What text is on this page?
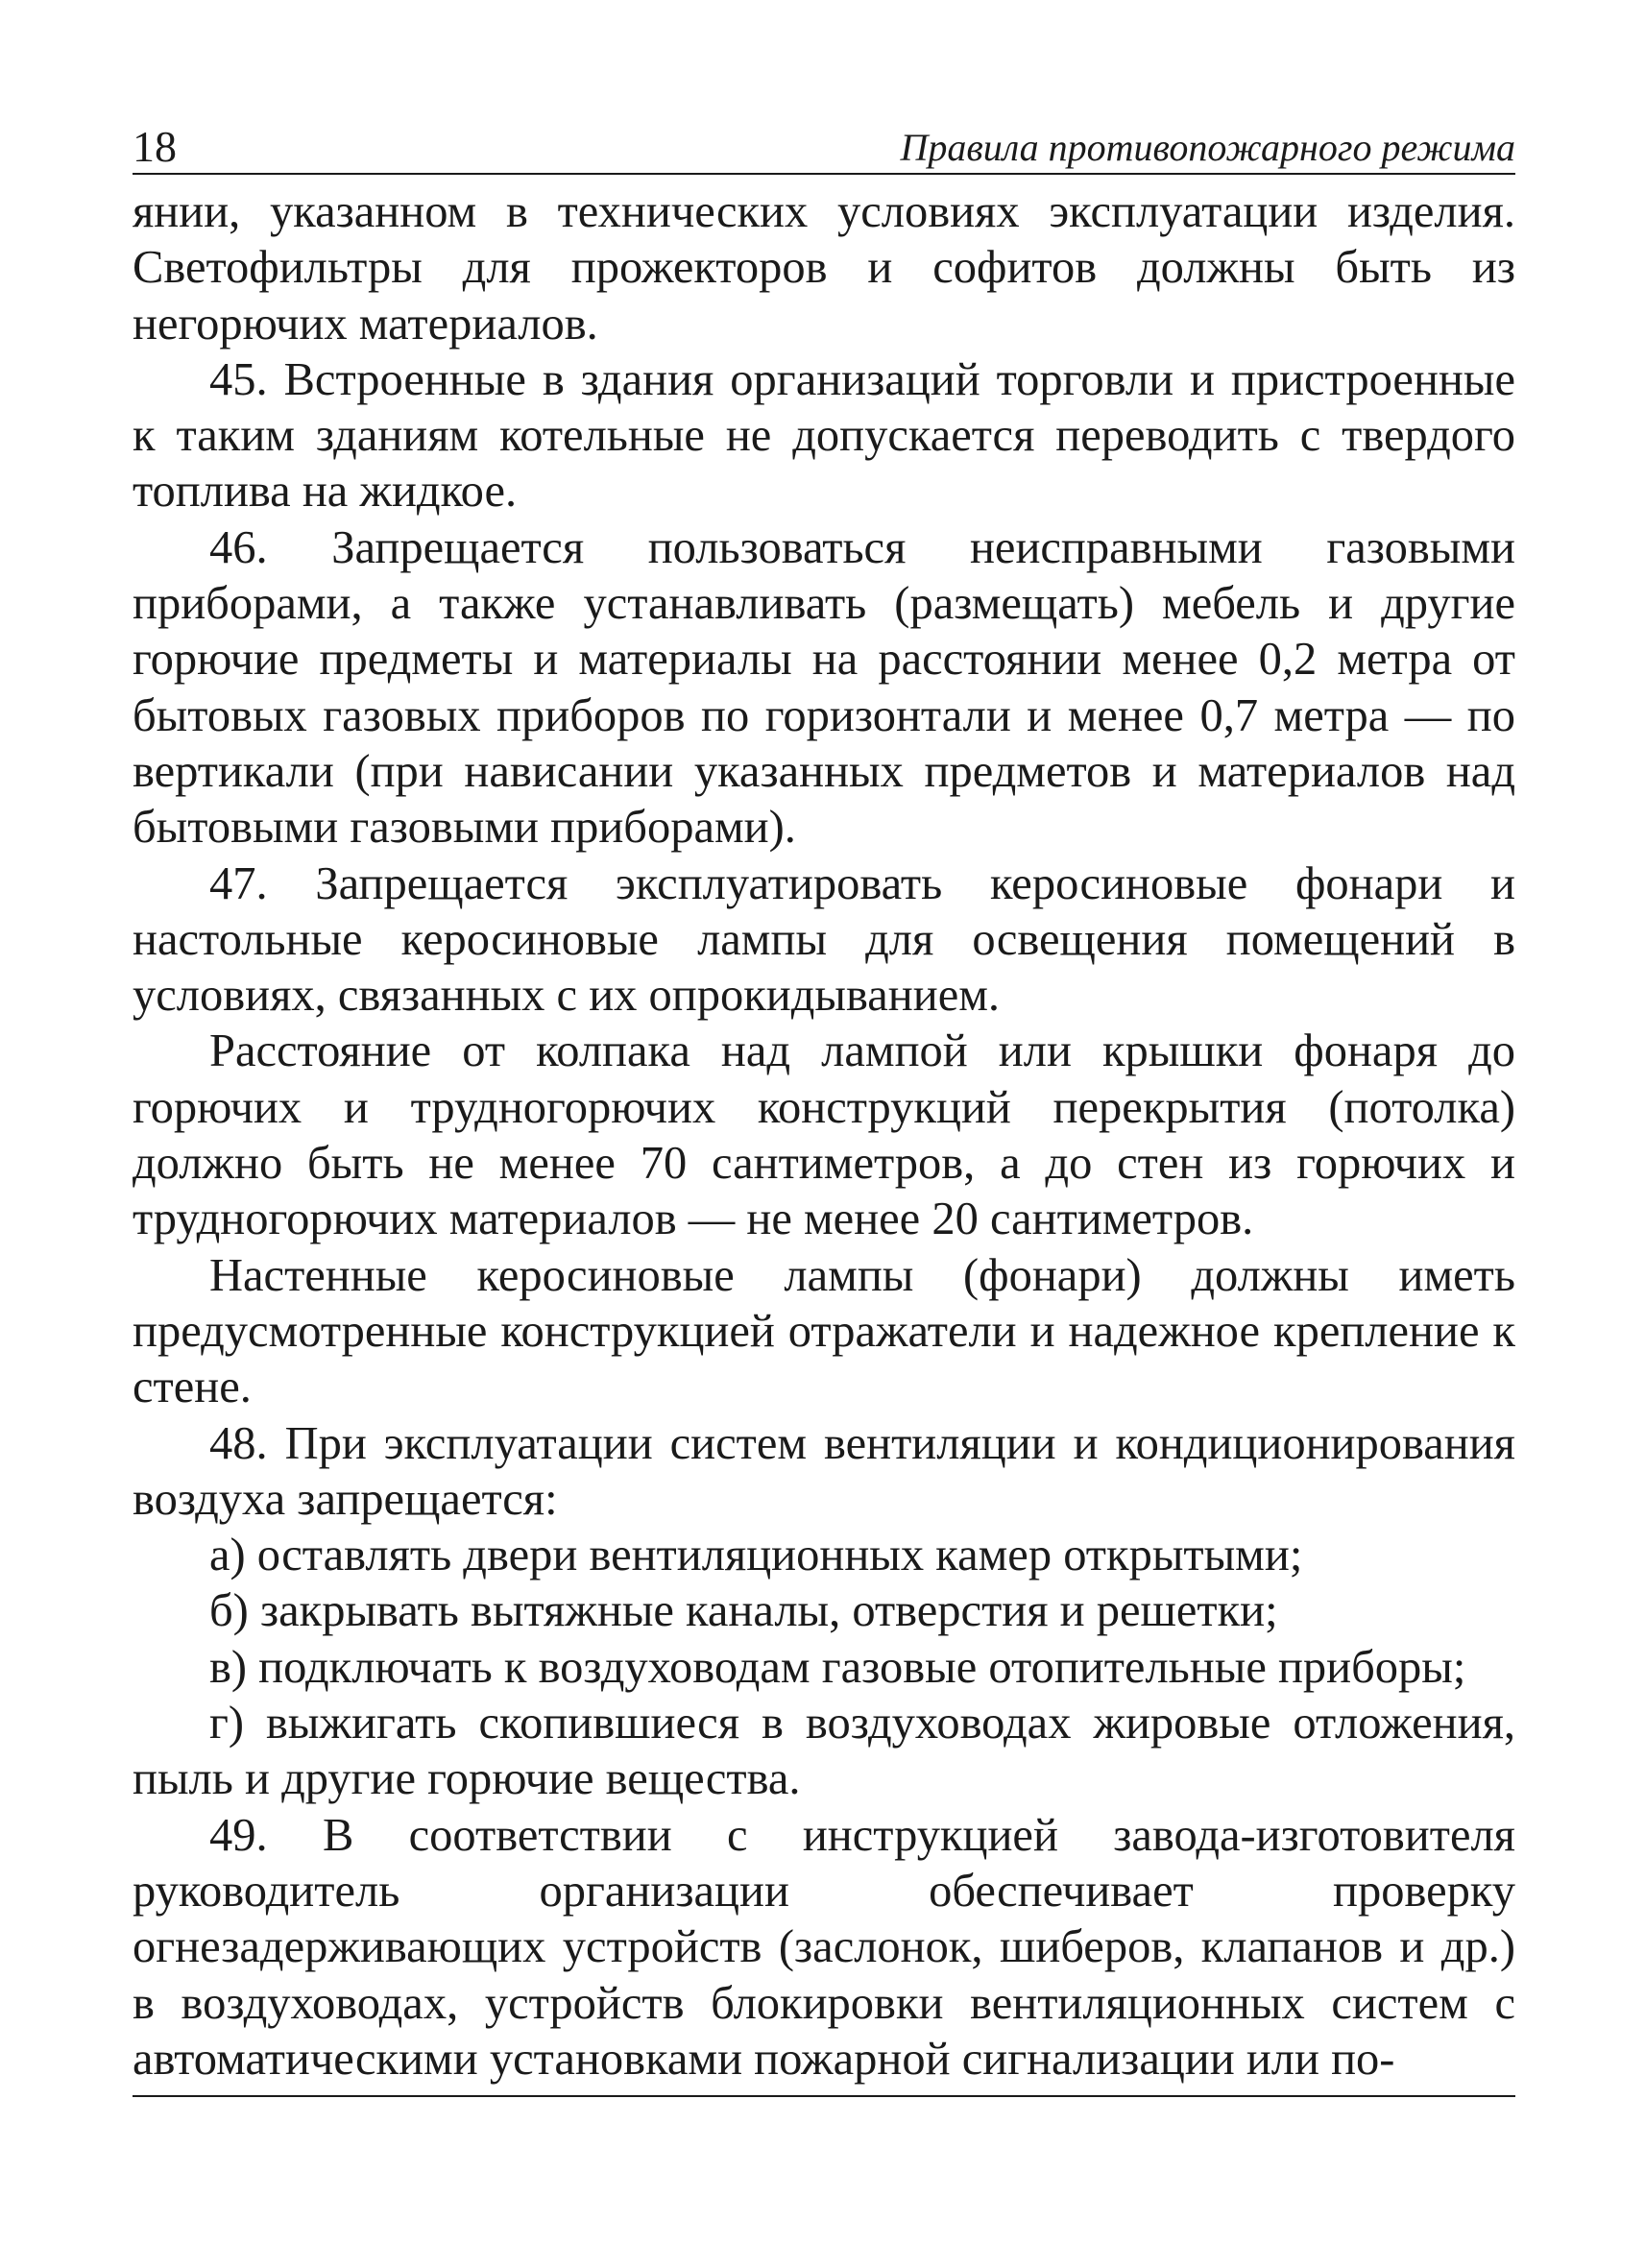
18	Правила противопожарного режима

янии, указанном в технических условиях эксплуатации изделия. Светофильтры для прожекторов и софитов должны быть из негорючих материалов.

45. Встроенные в здания организаций торговли и пристроенные к таким зданиям котельные не допускается переводить с твердого топлива на жидкое.

46. Запрещается пользоваться неисправными газовыми приборами, а также устанавливать (размещать) мебель и другие горючие предметы и материалы на расстоянии менее 0,2 метра от бытовых газовых приборов по горизонтали и менее 0,7 метра — по вертикали (при нависании указанных предметов и материалов над бытовыми газовыми приборами).

47. Запрещается эксплуатировать керосиновые фонари и настольные керосиновые лампы для освещения помещений в условиях, связанных с их опрокидыванием.

Расстояние от колпака над лампой или крышки фонаря до горючих и трудногорючих конструкций перекрытия (потолка) должно быть не менее 70 сантиметров, а до стен из горючих и трудногорючих материалов — не менее 20 сантиметров.

Настенные керосиновые лампы (фонари) должны иметь предусмотренные конструкцией отражатели и надежное крепление к стене.

48. При эксплуатации систем вентиляции и кондиционирования воздуха запрещается:

а) оставлять двери вентиляционных камер открытыми;

б) закрывать вытяжные каналы, отверстия и решетки;

в) подключать к воздуховодам газовые отопительные приборы;

г) выжигать скопившиеся в воздуховодах жировые отложения, пыль и другие горючие вещества.

49. В соответствии с инструкцией завода-изготовителя руководитель организации обеспечивает проверку огнезадерживающих устройств (заслонок, шиберов, клапанов и др.) в воздуховодах, устройств блокировки вентиляционных систем с автоматическими установками пожарной сигнализации или по-
